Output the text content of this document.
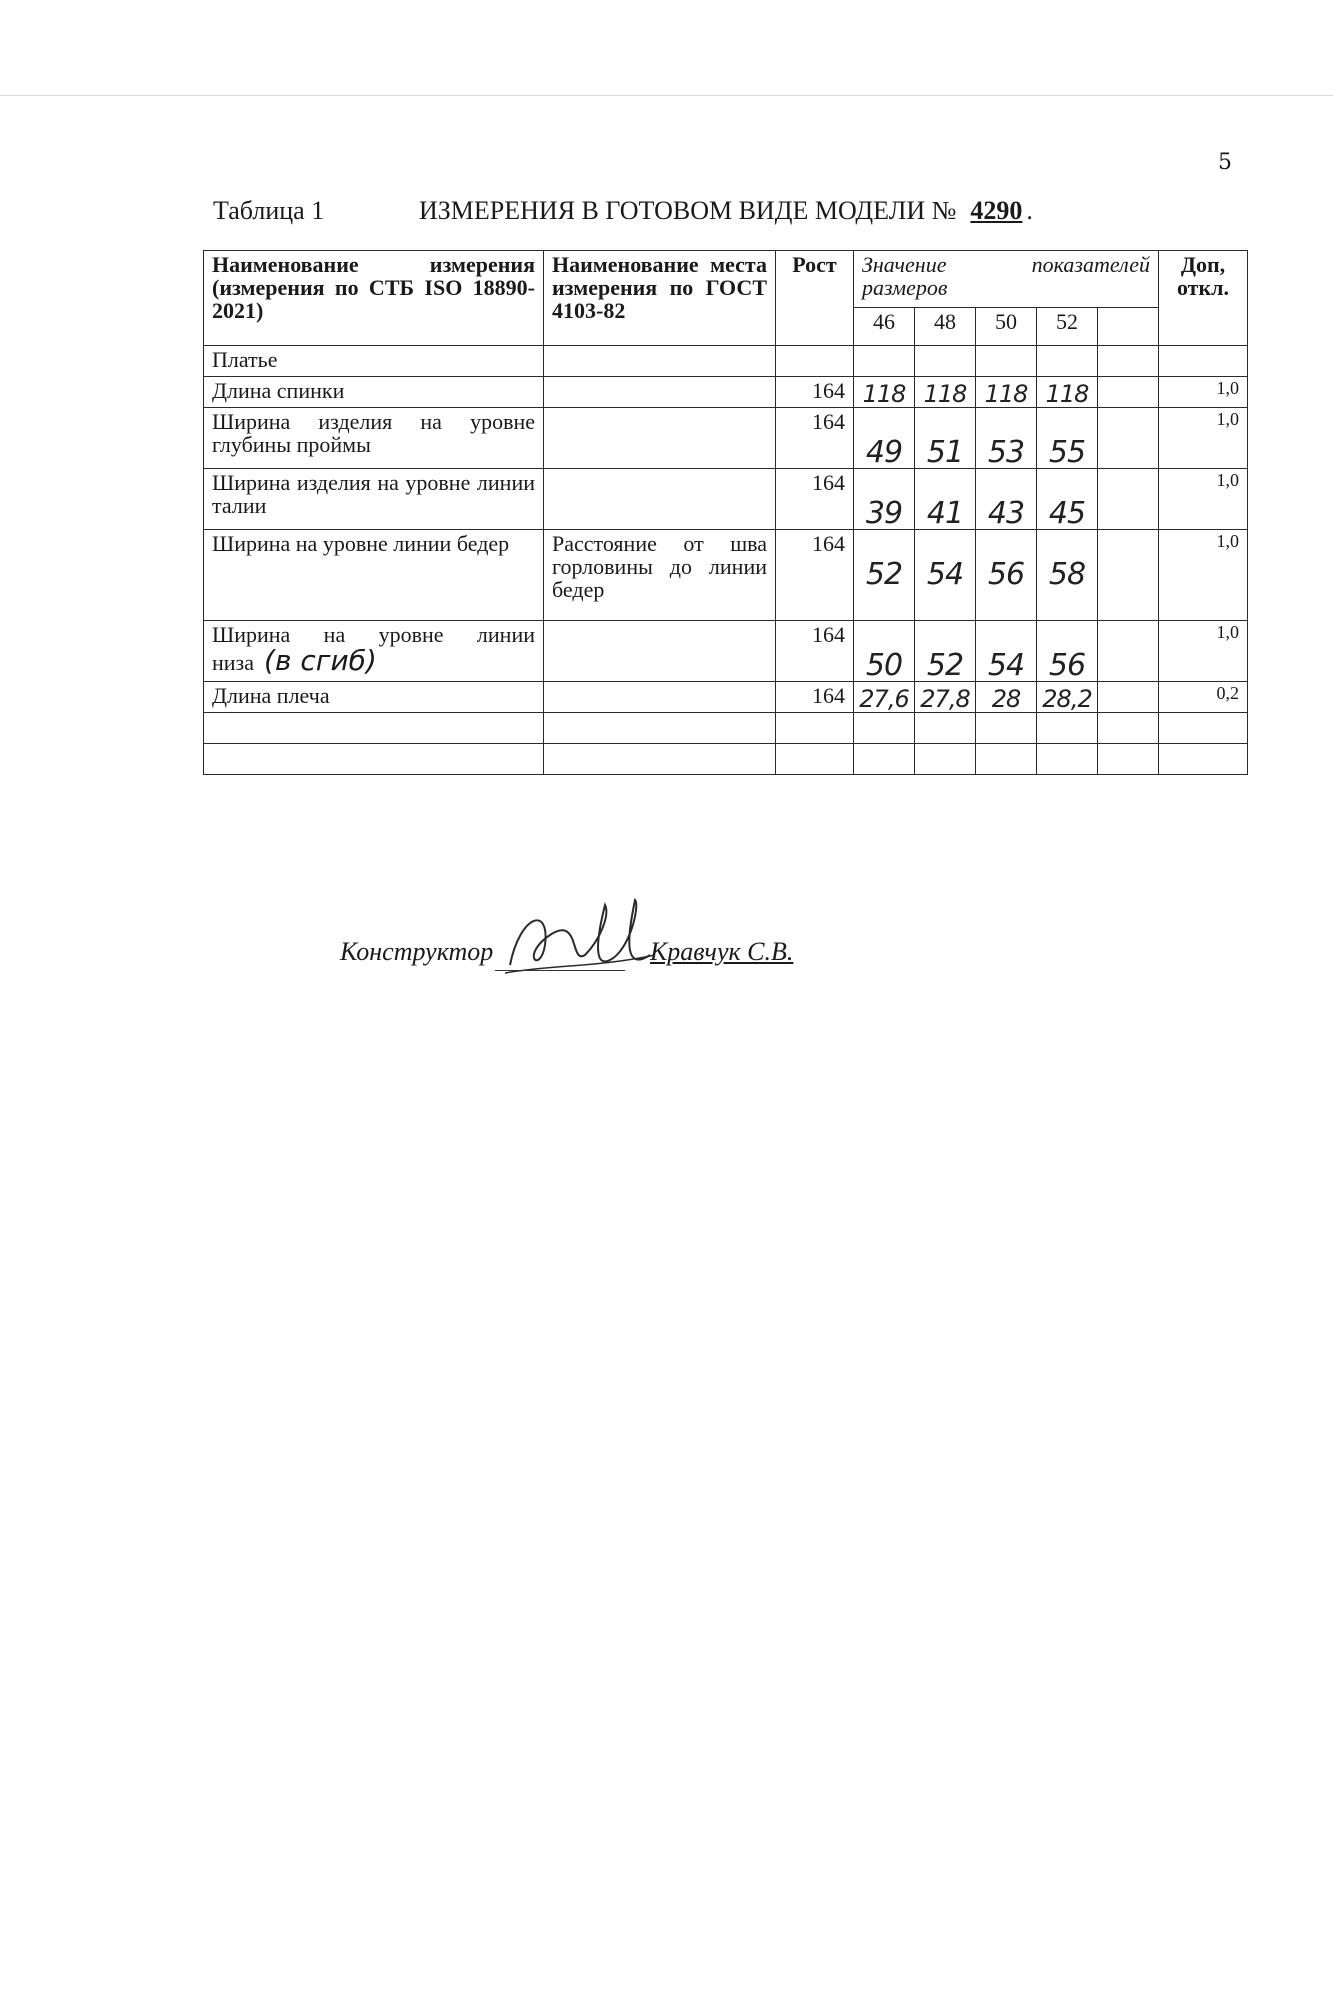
5
Таблица 1	ИЗМЕРЕНИЯ В ГОТОВОМ ВИДЕ МОДЕЛИ № 4290 .
Наименование измерения (измерения по СТБ ISO 18890-2021)	Наименование места измерения по ГОСТ 4103-82	Рост	Значение показателей размеров					Доп, откл.
			46	48	50	52		
Платье								
Длина спинки		164	118	118	118	118		1,0
Ширина изделия на уровне глубины проймы		164	49	51	53	55		1,0
Ширина изделия на уровне линии талии		164	39	41	43	45		1,0
Ширина на уровне линии бедер	Расстояние от шва горловины до линии бедер	164	52	54	56	58		1,0
Ширина на уровне линии низа (в сгиб)		164	50	52	54	56		1,0
Длина плеча		164	27,6	27,8	28	28,2		0,2

Конструктор	Кравчук С.В.
